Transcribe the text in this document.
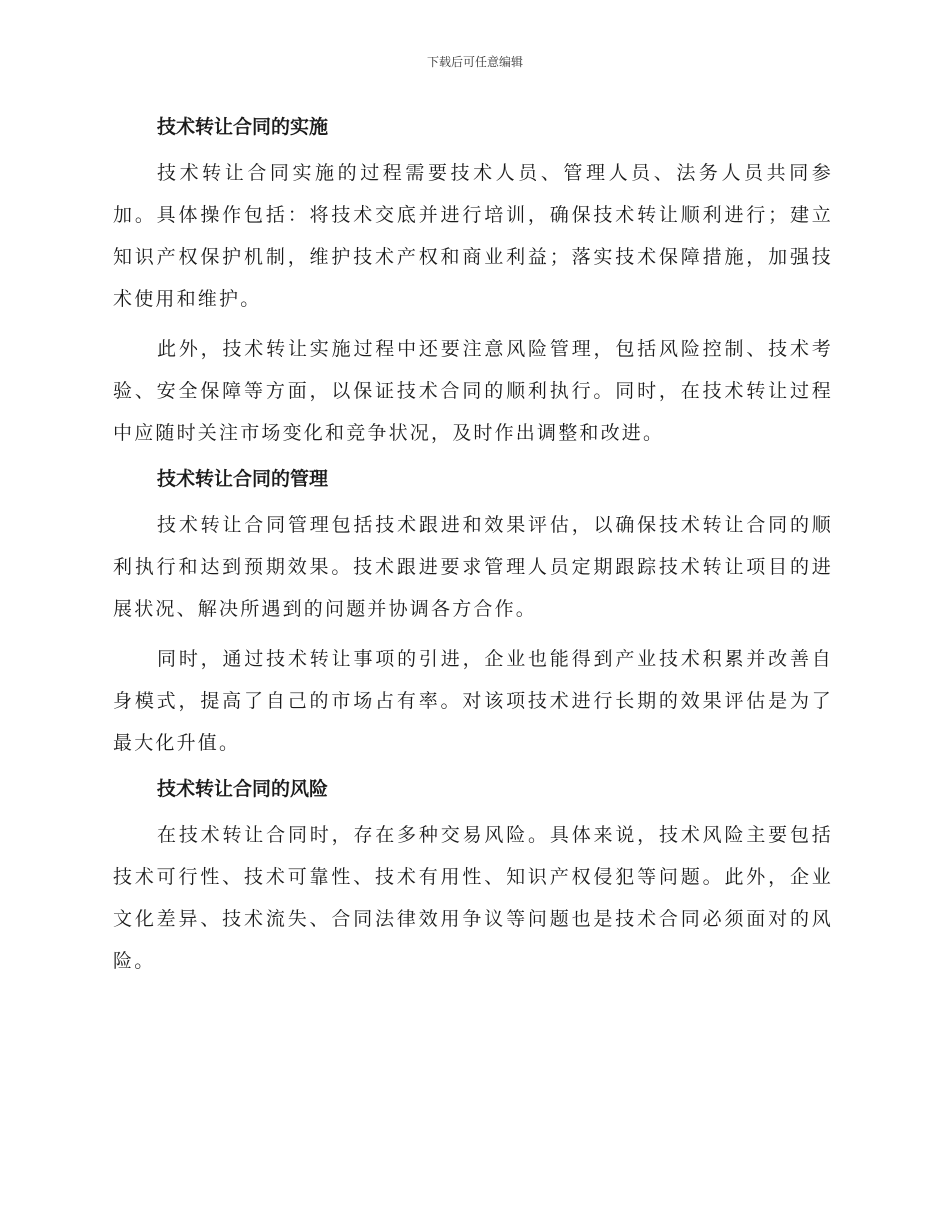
下载后可任意编辑
技术转让合同的实施

技术转让合同实施的过程需要技术人员、管理人员、法务人员共同参加。具体操作包括：将技术交底并进行培训，确保技术转让顺利进行；建立知识产权保护机制，维护技术产权和商业利益；落实技术保障措施，加强技术使用和维护。

此外，技术转让实施过程中还要注意风险管理，包括风险控制、技术考验、安全保障等方面，以保证技术合同的顺利执行。同时，在技术转让过程中应随时关注市场变化和竞争状况，及时作出调整和改进。

技术转让合同的管理

技术转让合同管理包括技术跟进和效果评估，以确保技术转让合同的顺利执行和达到预期效果。技术跟进要求管理人员定期跟踪技术转让项目的进展状况、解决所遇到的问题并协调各方合作。

同时，通过技术转让事项的引进，企业也能得到产业技术积累并改善自身模式，提高了自己的市场占有率。对该项技术进行长期的效果评估是为了最大化升值。

技术转让合同的风险

在技术转让合同时，存在多种交易风险。具体来说，技术风险主要包括技术可行性、技术可靠性、技术有用性、知识产权侵犯等问题。此外，企业文化差异、技术流失、合同法律效用争议等问题也是技术合同必须面对的风险。
